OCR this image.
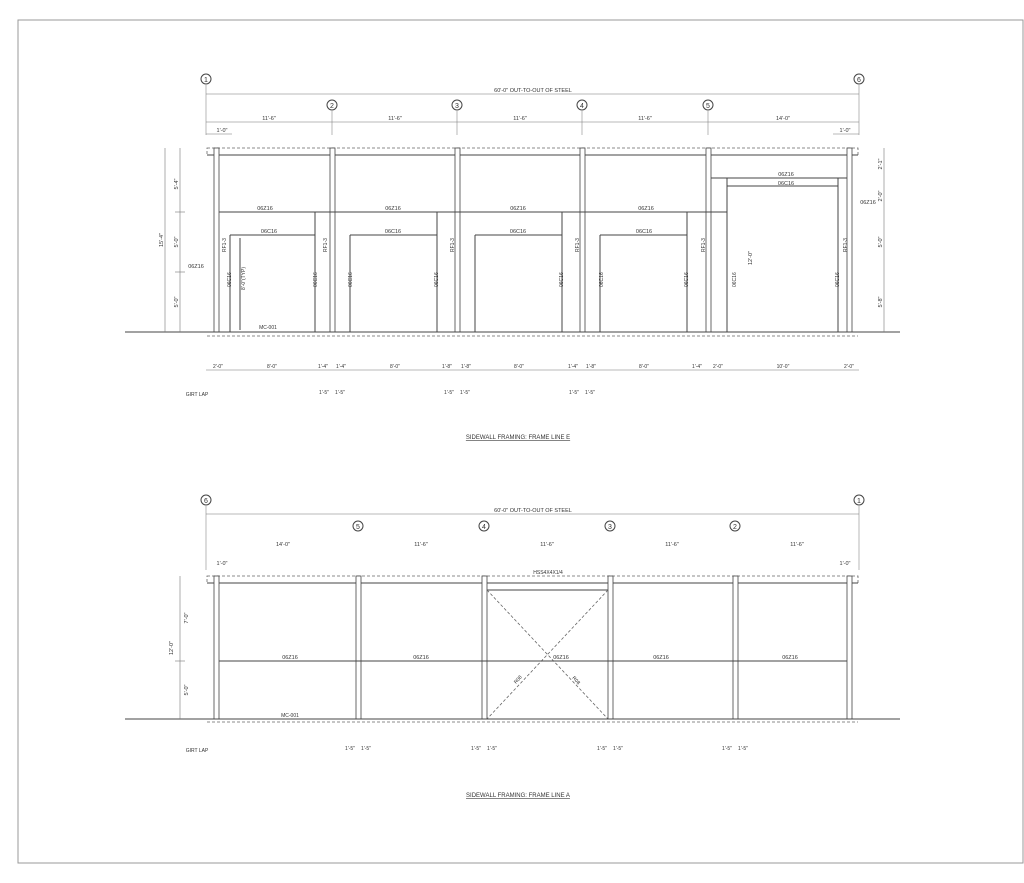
1
2	3	4	5
6
60'-0" OUT-TO-OUT OF STEEL
11'-6"	11'-6"	11'-6"	11'-6"	14'-0"
1'-0"	1'-0"
06Z16	06Z16	06Z16	06Z16
06Z16
06C16	06C16	06C16	06C16
06C16
06C16	06C16	06C16	06C16	06C16	06C16	06C16	06C16	06C16
RF1-3	RF1-3	RF1-3	RF1-3	RF1-3	RF1-3
06Z16
06Z16
8'-0"(TYP)
12'-0"
MC-001
5'-4"
5'-0"
5'-0"
15'-4"
2'-1"
2'-0"
5'-0"
5'-8"
2'-0"	8'-0"	1'-4" 1'-4"	8'-0"	1'-8" 1'-8"	8'-0"	1'-4" 1'-8"	8'-0"	1'-4" 2'-0"	10'-0"	2'-0"
GIRT LAP	1'-5" 1'-5"	1'-5" 1'-5"	1'-5" 1'-5"
SIDEWALL FRAMING: FRAME LINE E
6
5	4	3	2
1
60'-0" OUT-TO-OUT OF STEEL
14'-0"	11'-6"	11'-6"	11'-6"	11'-6"
1'-0"	1'-0"
HSS4X4X1/4
R08	R08
06Z16	06Z16	06Z16	06Z16	06Z16
MC-001
7'-0"
5'-0"
12'-0"
GIRT LAP	1'-5" 1'-5"	1'-5" 1'-5"	1'-5" 1'-5"	1'-5" 1'-5"
SIDEWALL FRAMING: FRAME LINE A
